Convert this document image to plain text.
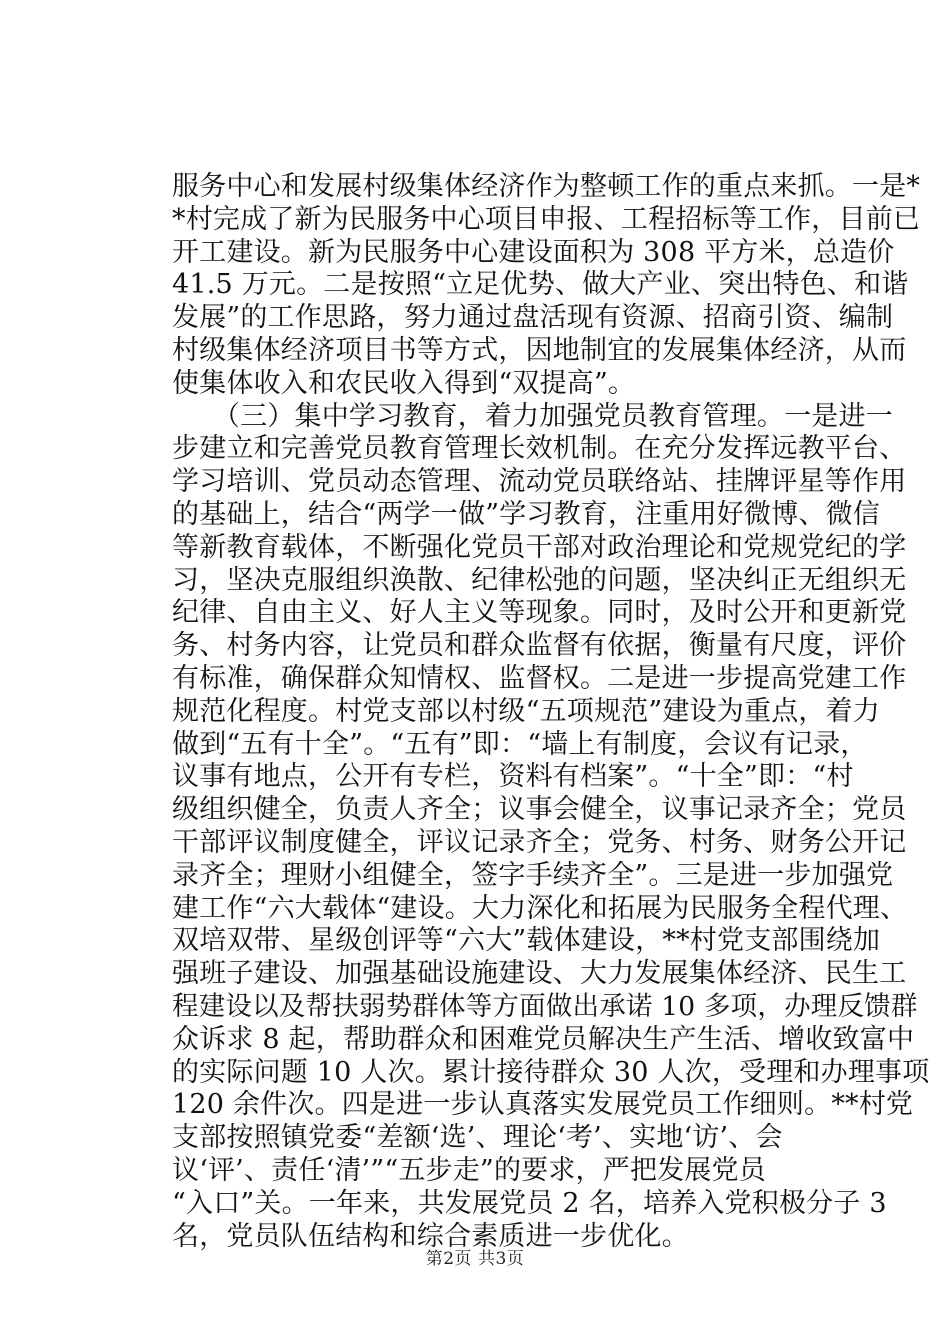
服务中心和发展村级集体经济作为整顿工作的重点来抓。一是*
*村完成了新为民服务中心项目申报、工程招标等工作，目前已
开工建设。新为民服务中心建设面积为 308 平方米，总造价
41.5 万元。二是按照“立足优势、做大产业、突出特色、和谐
发展”的工作思路，努力通过盘活现有资源、招商引资、编制
村级集体经济项目书等方式，因地制宜的发展集体经济，从而
使集体收入和农民收入得到“双提高”。
　　（三）集中学习教育，着力加强党员教育管理。一是进一
步建立和完善党员教育管理长效机制。在充分发挥远教平台、
学习培训、党员动态管理、流动党员联络站、挂牌评星等作用
的基础上，结合“两学一做”学习教育，注重用好微博、微信
等新教育载体，不断强化党员干部对政治理论和党规党纪的学
习，坚决克服组织涣散、纪律松弛的问题，坚决纠正无组织无
纪律、自由主义、好人主义等现象。同时，及时公开和更新党
务、村务内容，让党员和群众监督有依据，衡量有尺度，评价
有标准，确保群众知情权、监督权。二是进一步提高党建工作
规范化程度。村党支部以村级“五项规范”建设为重点，着力
做到“五有十全”。“五有”即：“墙上有制度，会议有记录，
议事有地点，公开有专栏，资料有档案”。“十全”即：“村
级组织健全，负责人齐全；议事会健全，议事记录齐全；党员
干部评议制度健全，评议记录齐全；党务、村务、财务公开记
录齐全；理财小组健全，签字手续齐全”。三是进一步加强党
建工作“六大载体“建设。大力深化和拓展为民服务全程代理、
双培双带、星级创评等“六大”载体建设，**村党支部围绕加
强班子建设、加强基础设施建设、大力发展集体经济、民生工
程建设以及帮扶弱势群体等方面做出承诺 10 多项，办理反馈群
众诉求 8 起，帮助群众和困难党员解决生产生活、增收致富中
的实际问题 10 人次。累计接待群众 30 人次，受理和办理事项
120 余件次。四是进一步认真落实发展党员工作细则。**村党
支部按照镇党委“差额‘选’、理论‘考’、实地‘访’、会
议‘评’、责任‘清’”“五步走”的要求，严把发展党员
“入口”关。一年来，共发展党员 2 名，培养入党积极分子 3
名，党员队伍结构和综合素质进一步优化。
第2页 共3页
